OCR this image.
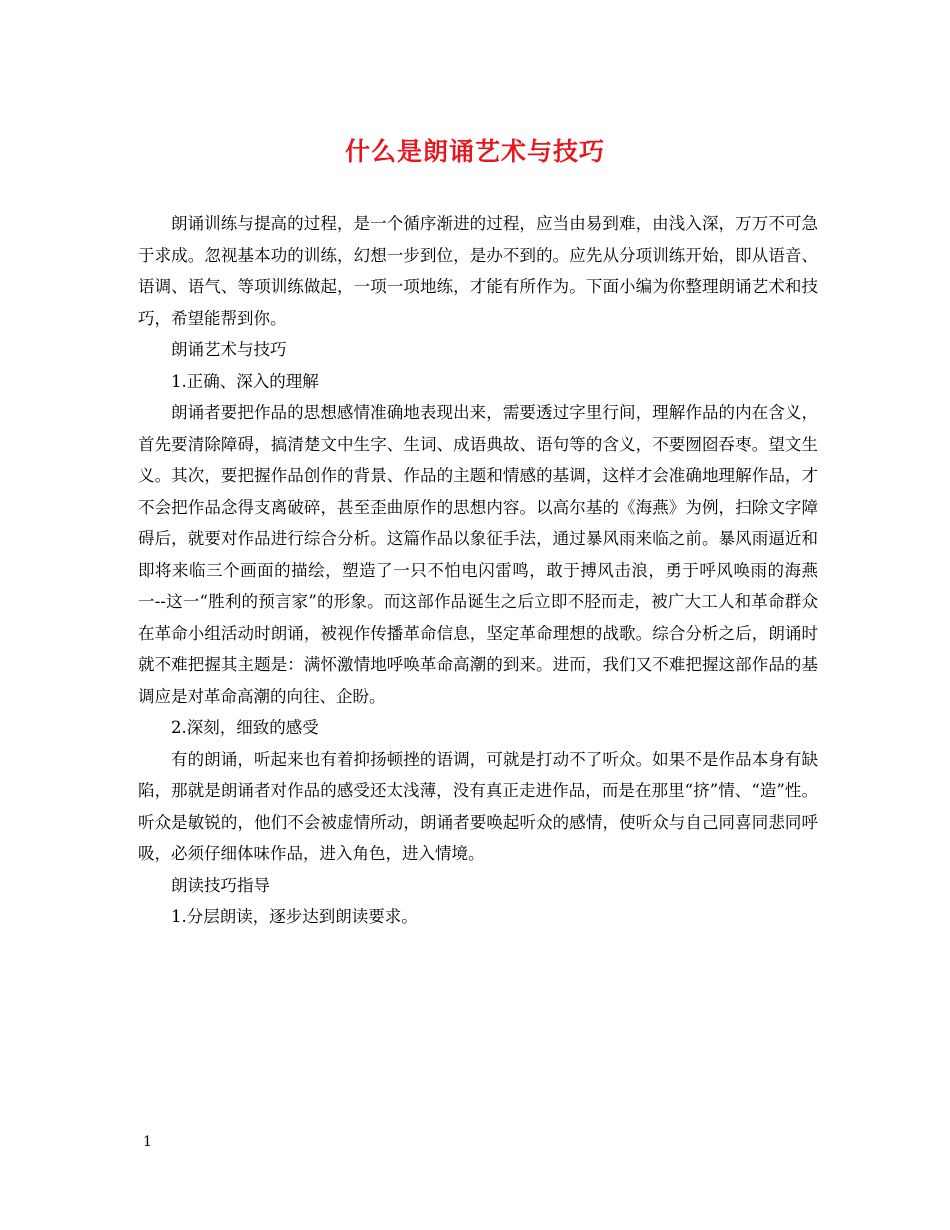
什么是朗诵艺术与技巧

朗诵训练与提高的过程，是一个循序渐进的过程，应当由易到难，由浅入深，万万不可急于求成。忽视基本功的训练，幻想一步到位，是办不到的。应先从分项训练开始，即从语音、语调、语气、等项训练做起，一项一项地练，才能有所作为。下面小编为你整理朗诵艺术和技巧，希望能帮到你。

朗诵艺术与技巧

1.正确、深入的理解

朗诵者要把作品的思想感情准确地表现出来，需要透过字里行间，理解作品的内在含义，首先要清除障碍，搞清楚文中生字、生词、成语典故、语句等的含义，不要囫囵吞枣。望文生义。其次，要把握作品创作的背景、作品的主题和情感的基调，这样才会准确地理解作品，才不会把作品念得支离破碎，甚至歪曲原作的思想内容。以高尔基的《海燕》为例，扫除文字障碍后，就要对作品进行综合分析。这篇作品以象征手法，通过暴风雨来临之前。暴风雨逼近和即将来临三个画面的描绘，塑造了一只不怕电闪雷鸣，敢于搏风击浪，勇于呼风唤雨的海燕一--这一“胜利的预言家”的形象。而这部作品诞生之后立即不胫而走，被广大工人和革命群众在革命小组活动时朗诵，被视作传播革命信息，坚定革命理想的战歌。综合分析之后，朗诵时就不难把握其主题是：满怀激情地呼唤革命高潮的到来。进而，我们又不难把握这部作品的基调应是对革命高潮的向往、企盼。

2.深刻，细致的感受

有的朗诵，听起来也有着抑扬顿挫的语调，可就是打动不了听众。如果不是作品本身有缺陷，那就是朗诵者对作品的感受还太浅薄，没有真正走进作品，而是在那里“挤”情、“造”性。听众是敏锐的，他们不会被虚情所动，朗诵者要唤起听众的感情，使听众与自己同喜同悲同呼吸，必须仔细体味作品，进入角色，进入情境。

朗读技巧指导

1.分层朗读，逐步达到朗读要求。

1
